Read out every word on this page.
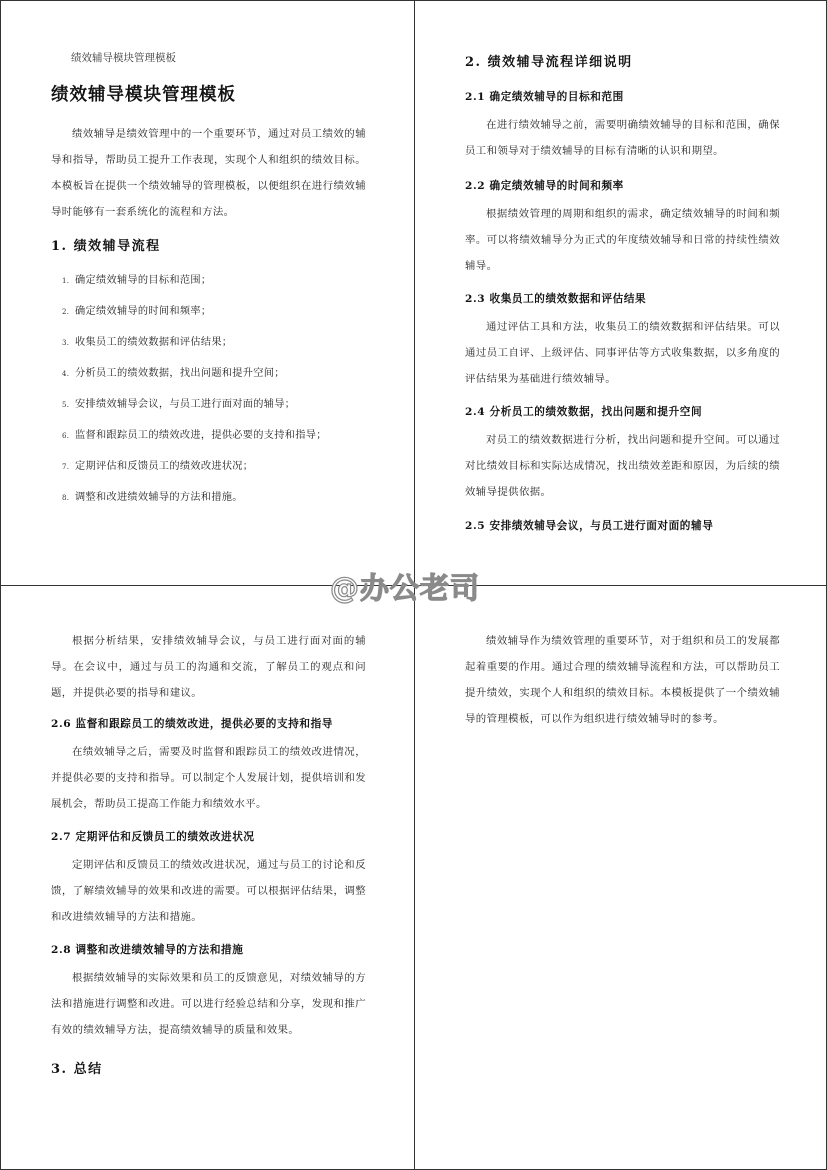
绩效辅导模块管理模板
绩效辅导模块管理模板

绩效辅导是绩效管理中的一个重要环节，通过对员工绩效的辅导和指导，帮助员工提升工作表现，实现个人和组织的绩效目标。本模板旨在提供一个绩效辅导的管理模板，以便组织在进行绩效辅导时能够有一套系统化的流程和方法。

1. 绩效辅导流程
1. 确定绩效辅导的目标和范围；
2. 确定绩效辅导的时间和频率；
3. 收集员工的绩效数据和评估结果；
4. 分析员工的绩效数据，找出问题和提升空间；
5. 安排绩效辅导会议，与员工进行面对面的辅导；
6. 监督和跟踪员工的绩效改进，提供必要的支持和指导；
7. 定期评估和反馈员工的绩效改进状况；
8. 调整和改进绩效辅导的方法和措施。
2. 绩效辅导流程详细说明
2.1 确定绩效辅导的目标和范围

在进行绩效辅导之前，需要明确绩效辅导的目标和范围，确保员工和领导对于绩效辅导的目标有清晰的认识和期望。

2.2 确定绩效辅导的时间和频率

根据绩效管理的周期和组织的需求，确定绩效辅导的时间和频率。可以将绩效辅导分为正式的年度绩效辅导和日常的持续性绩效辅导。

2.3 收集员工的绩效数据和评估结果

通过评估工具和方法，收集员工的绩效数据和评估结果。可以通过员工自评、上级评估、同事评估等方式收集数据，以多角度的评估结果为基础进行绩效辅导。

2.4 分析员工的绩效数据，找出问题和提升空间

对员工的绩效数据进行分析，找出问题和提升空间。可以通过对比绩效目标和实际达成情况，找出绩效差距和原因，为后续的绩效辅导提供依据。

2.5 安排绩效辅导会议，与员工进行面对面的辅导

根据分析结果，安排绩效辅导会议，与员工进行面对面的辅导。在会议中，通过与员工的沟通和交流，了解员工的观点和问题，并提供必要的指导和建议。

2.6 监督和跟踪员工的绩效改进，提供必要的支持和指导

在绩效辅导之后，需要及时监督和跟踪员工的绩效改进情况，并提供必要的支持和指导。可以制定个人发展计划，提供培训和发展机会，帮助员工提高工作能力和绩效水平。

2.7 定期评估和反馈员工的绩效改进状况

定期评估和反馈员工的绩效改进状况，通过与员工的讨论和反馈，了解绩效辅导的效果和改进的需要。可以根据评估结果，调整和改进绩效辅导的方法和措施。

2.8 调整和改进绩效辅导的方法和措施

根据绩效辅导的实际效果和员工的反馈意见，对绩效辅导的方法和措施进行调整和改进。可以进行经验总结和分享，发现和推广有效的绩效辅导方法，提高绩效辅导的质量和效果。

3. 总结

绩效辅导作为绩效管理的重要环节，对于组织和员工的发展都起着重要的作用。通过合理的绩效辅导流程和方法，可以帮助员工提升绩效，实现个人和组织的绩效目标。本模板提供了一个绩效辅导的管理模板，可以作为组织进行绩效辅导时的参考。

@办公老司
